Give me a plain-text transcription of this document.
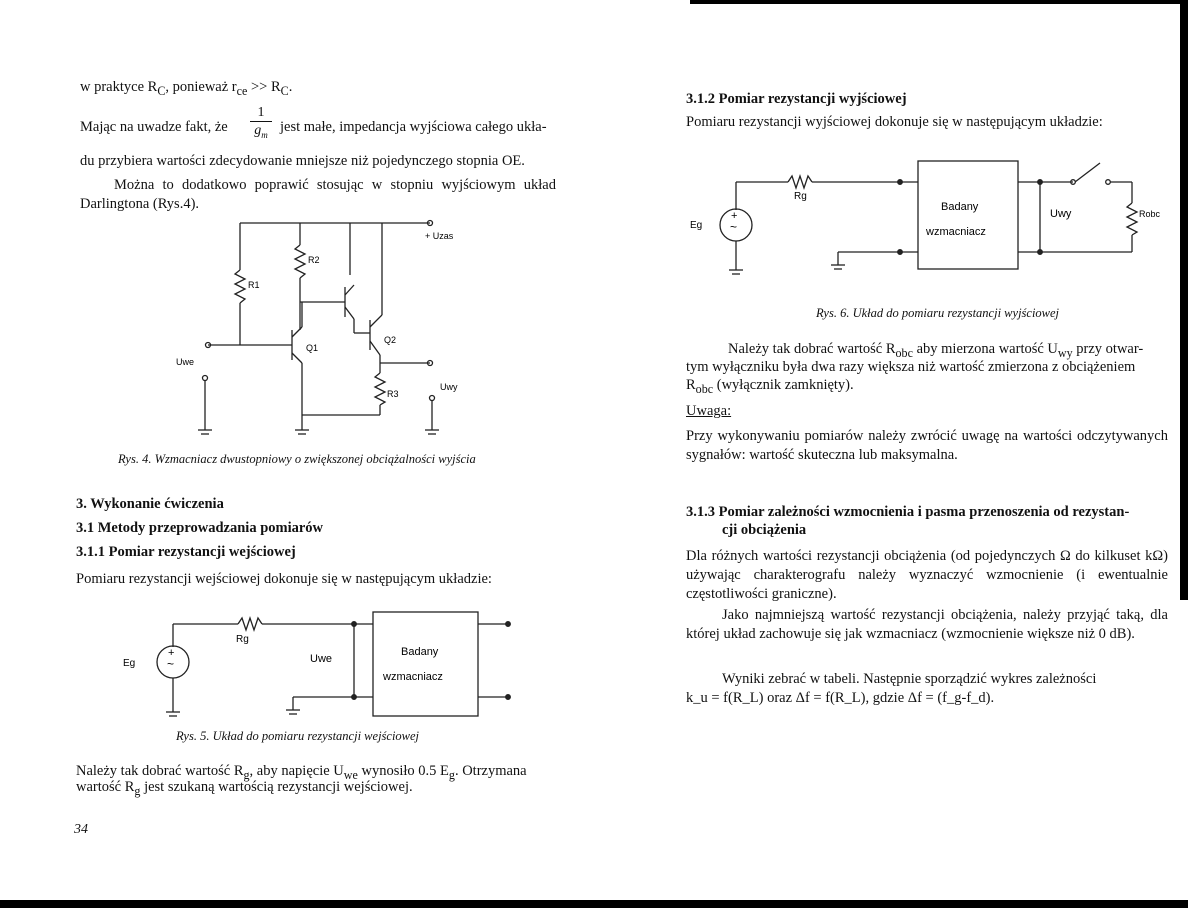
w praktyce $R_C$, ponieważ $r_{ce} >> R_C$.
Mając na uwadze fakt, że $\frac{1}{g_m}$ jest małe, impedancja wyjściowa całego ukła-
du przybiera wartości zdecydowanie mniejsze niż pojedynczego stopnia OE.
Można to dodatkowo poprawić stosując w stopniu wyjściowym układ Darlingtona (Rys.4).
+ Uzas
R1
R2
Q1
Q2
R3
Uwe
Uwy
Rys. 4. Wzmacniacz dwustopniowy o zwiększonej obciążalności wyjścia
3. Wykonanie ćwiczenia
3.1 Metody przeprowadzania pomiarów
3.1.1 Pomiar rezystancji wejściowej
Pomiaru rezystancji wejściowej dokonuje się w następującym układzie:
+
~
Rg
Eg	Uwe
Badany
wzmacniacz
Rys. 5. Układ do pomiaru rezystancji wejściowej
Należy tak dobrać wartość $R_g$, aby napięcie $U_{we}$ wynosiło 0.5 $E_g$. Otrzymana
wartość $R_g$ jest szukaną wartością rezystancji wejściowej.
34
3.1.2 Pomiar rezystancji wyjściowej
Pomiaru rezystancji wyjściowej dokonuje się w następującym układzie:
+
~
Rg
Eg
Badany
wzmacniacz
Uwy	Robc
Rys. 6. Układ do pomiaru rezystancji wyjściowej
Należy tak dobrać wartość $R_{obc}$ aby mierzona wartość $U_{wy}$ przy otwar-
tym wyłączniku była dwa razy większa niż wartość zmierzona z obciążeniem
$R_{obc}$ (wyłącznik zamknięty).
Uwaga:
Przy wykonywaniu pomiarów należy zwrócić uwagę na wartości odczytywanych sygnałów: wartość skuteczna lub maksymalna.
3.1.3 Pomiar zależności wzmocnienia i pasma przenoszenia od rezystan-
cji obciążenia
Dla różnych wartości rezystancji obciążenia (od pojedynczych Ω do kilkuset kΩ) używając charakterografu należy wyznaczyć wzmocnienie (i ewentualnie częstotliwości graniczne).
Jako najmniejszą wartość rezystancji obciążenia, należy przyjąć taką, dla której układ zachowuje się jak wzmacniacz (wzmocnienie większe niż 0 dB).
Wyniki zebrać w tabeli. Następnie sporządzić wykres zależności
k_u = f(R_L) oraz Δf = f(R_L), gdzie Δf = (f_g-f_d).
